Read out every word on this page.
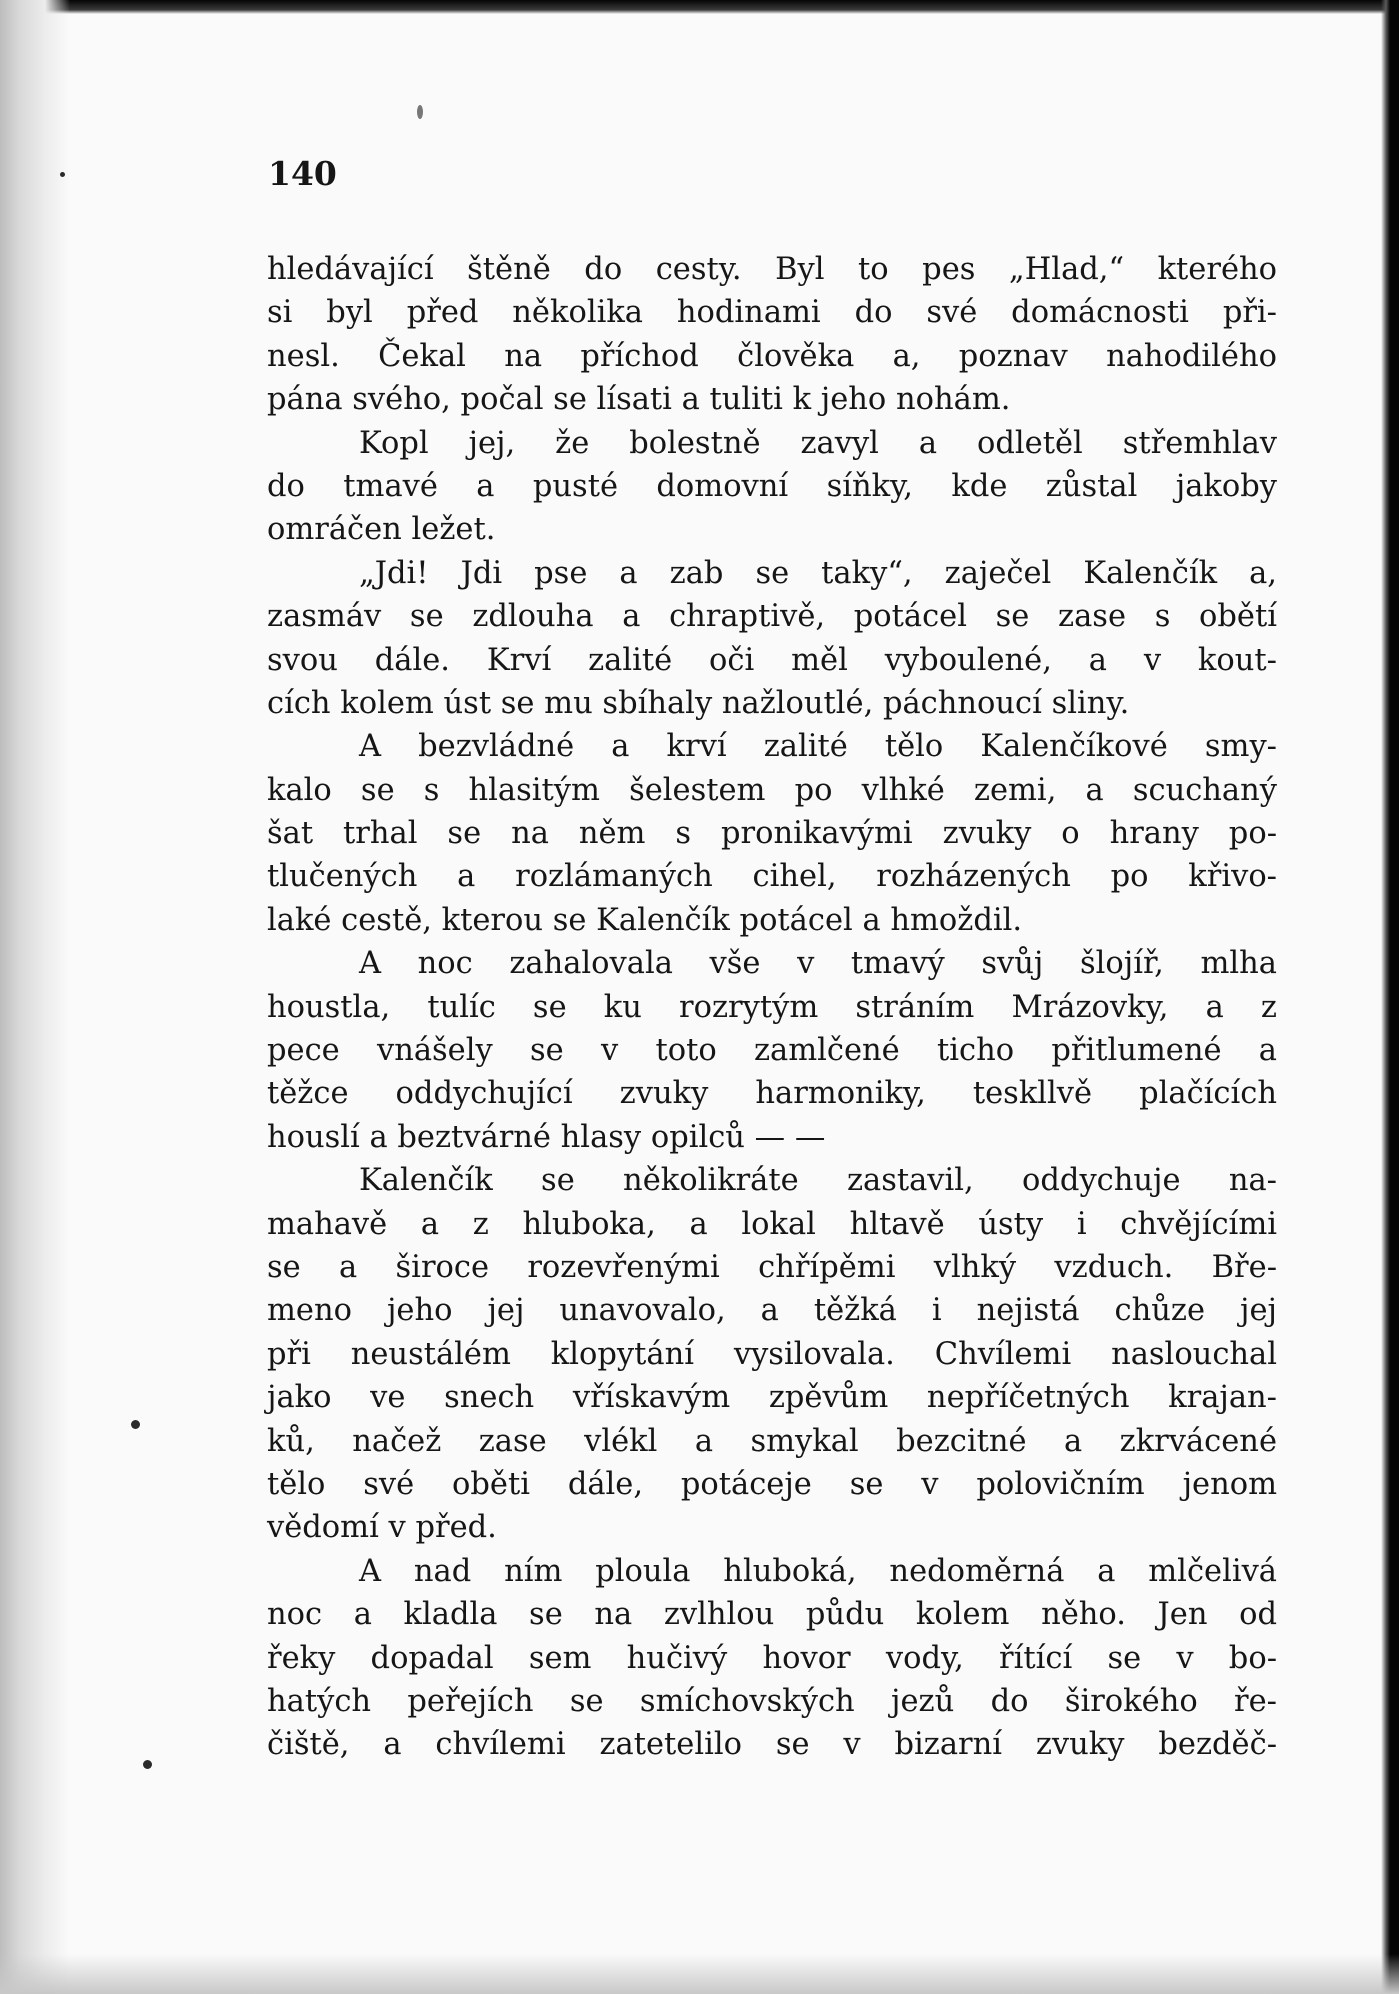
140

hledávající štěně do cesty. Byl to pes „Hlad,“ kterého
si byl před několika hodinami do své domácnosti při-
nesl. Čekal na příchod člověka a, poznav nahodilého
pána svého, počal se lísati a tuliti k jeho nohám.
Kopl jej, že bolestně zavyl a odletěl střemhlav
do tmavé a pusté domovní síňky, kde zůstal jakoby
omráčen ležet.
„Jdi! Jdi pse a zab se taky“, zaječel Kalenčík a,
zasmáv se zdlouha a chraptivě, potácel se zase s obětí
svou dále. Krví zalité oči měl vyboulené, a v kout-
cích kolem úst se mu sbíhaly nažloutlé, páchnoucí sliny.
A bezvládné a krví zalité tělo Kalenčíkové smy-
kalo se s hlasitým šelestem po vlhké zemi, a scuchaný
šat trhal se na něm s pronikavými zvuky o hrany po-
tlučených a rozlámaných cihel, rozházených po křivo-
laké cestě, kterou se Kalenčík potácel a hmoždil.
A noc zahalovala vše v tmavý svůj šlojíř, mlha
houstla, tulíc se ku rozrytým stráním Mrázovky, a z
pece vnášely se v toto zamlčené ticho přitlumené a
těžce oddychující zvuky harmoniky, teskllvě plačících
houslí a beztvárné hlasy opilců — —
Kalenčík se několikráte zastavil, oddychuje na-
mahavě a z hluboka, a lokal hltavě ústy i chvějícími
se a široce rozevřenými chřípěmi vlhký vzduch. Bře-
meno jeho jej unavovalo, a těžká i nejistá chůze jej
při neustálém klopytání vysilovala. Chvílemi naslouchal
jako ve snech vřískavým zpěvům nepříčetných krajan-
ků, načež zase vlékl a smykal bezcitné a zkrvácené
tělo své oběti dále, potáceje se v polovičním jenom
vědomí v před.
A nad ním ploula hluboká, nedoměrná a mlčelivá
noc a kladla se na zvlhlou půdu kolem něho. Jen od
řeky dopadal sem hučivý hovor vody, řítící se v bo-
hatých peřejích se smíchovských jezů do širokého ře-
čiště, a chvílemi zatetelilo se v bizarní zvuky bezděč-
